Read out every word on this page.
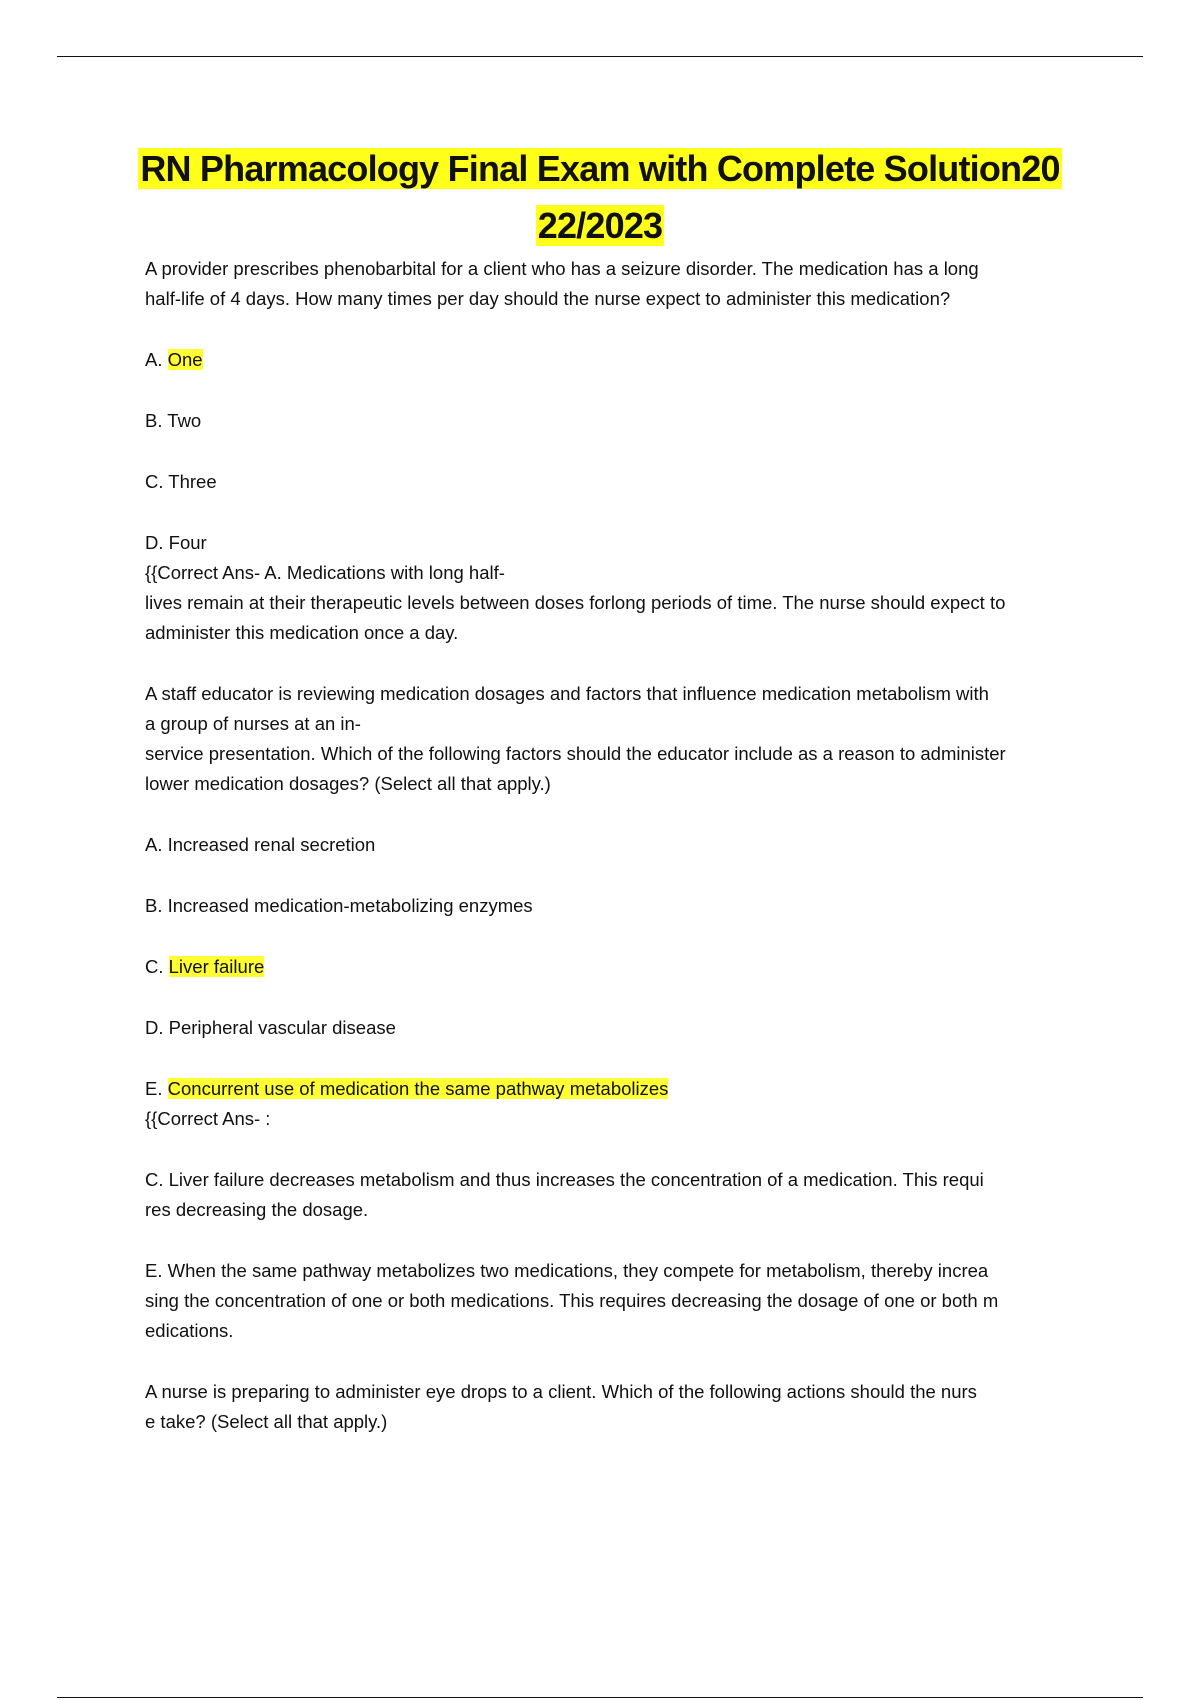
RN Pharmacology Final Exam with Complete Solution20
22/2023

A provider prescribes phenobarbital for a client who has a seizure disorder. The medication has a long

half-life of 4 days. How many times per day should the nurse expect to administer this medication?

A. One

B. Two

C. Three

D. Four

{{Correct Ans- A. Medications with long half-

lives remain at their therapeutic levels between doses forlong periods of time. The nurse should expect to

administer this medication once a day.

A staff educator is reviewing medication dosages and factors that influence medication metabolism with

a group of nurses at an in-

service presentation. Which of the following factors should the educator include as a reason to administer

lower medication dosages? (Select all that apply.)

A. Increased renal secretion

B. Increased medication-metabolizing enzymes

C. Liver failure

D. Peripheral vascular disease

E. Concurrent use of medication the same pathway metabolizes

{{Correct Ans- :

C. Liver failure decreases metabolism and thus increases the concentration of a medication. This requi

res decreasing the dosage.

E. When the same pathway metabolizes two medications, they compete for metabolism, thereby increa

sing the concentration of one or both medications. This requires decreasing the dosage of one or both m

edications.

A nurse is preparing to administer eye drops to a client. Which of the following actions should the nurs

e take? (Select all that apply.)
